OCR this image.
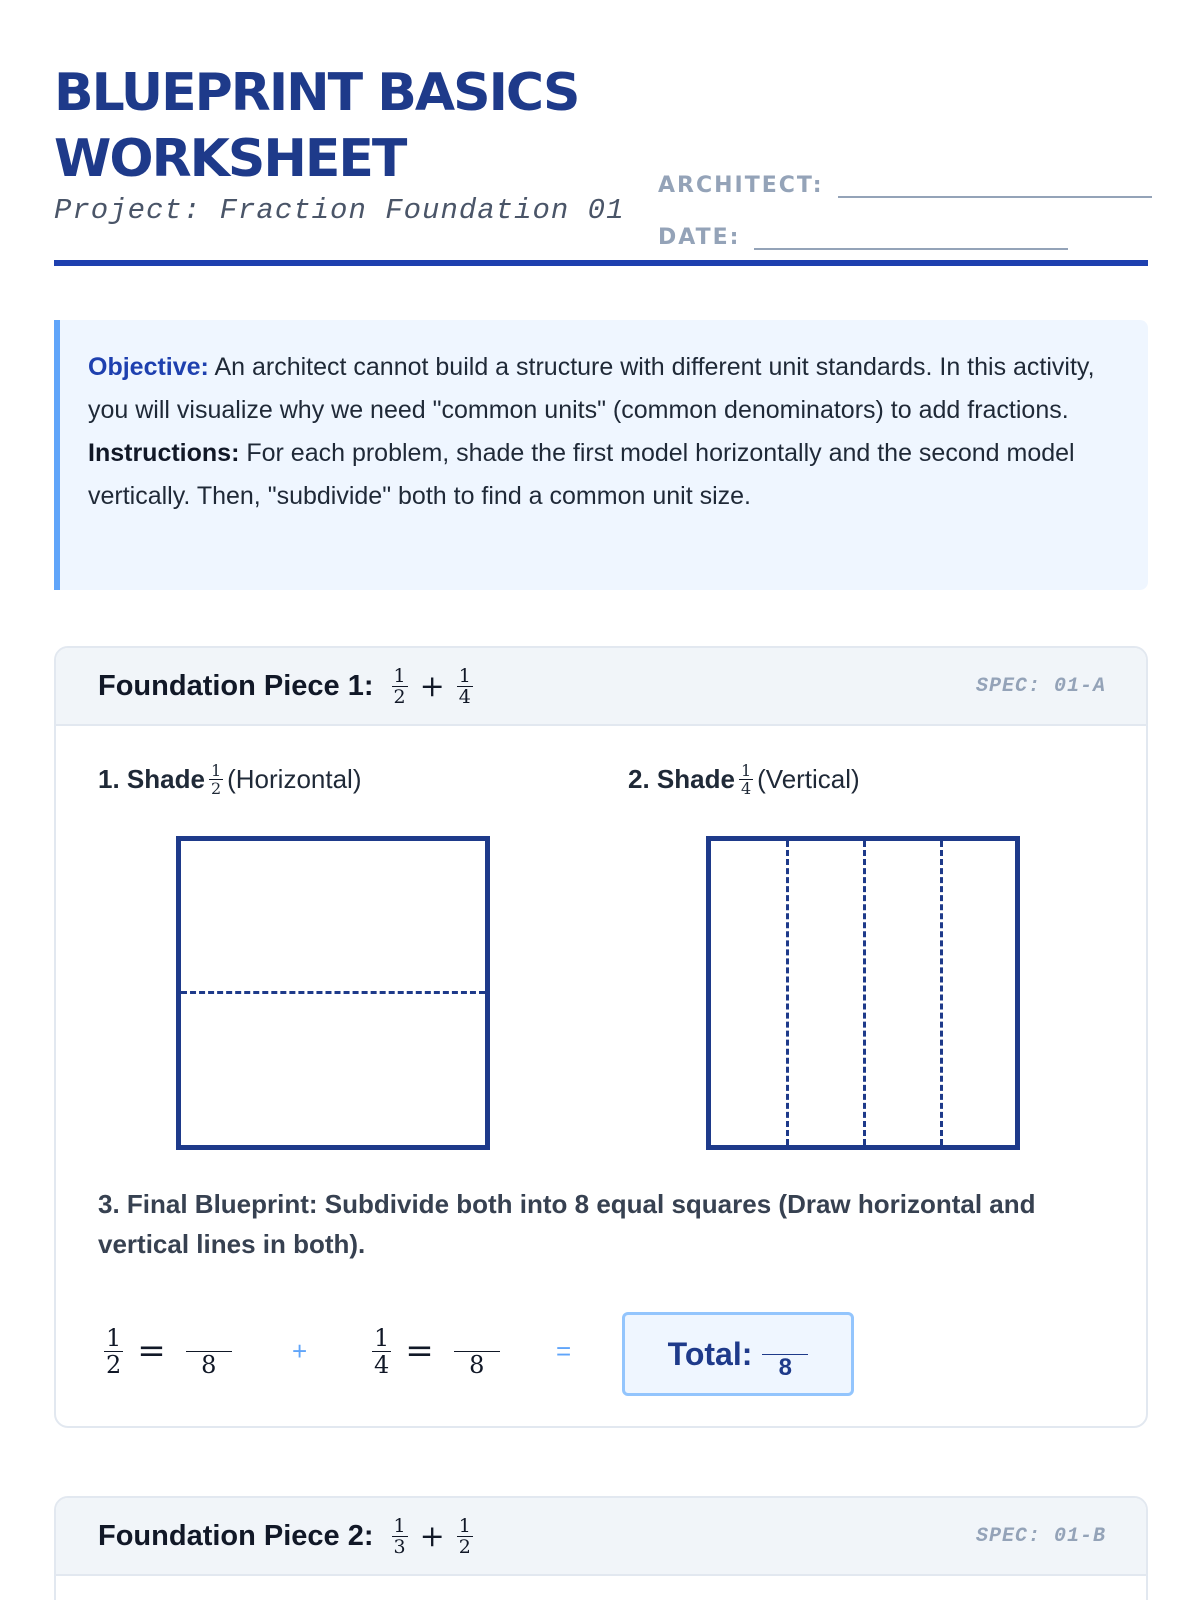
BLUEPRINT BASICS
WORKSHEET
Project: Fraction Foundation 01
ARCHITECT:
DATE:
Objective: An architect cannot build a structure with different unit standards. In this activity, you will visualize why we need "common units" (common denominators) to add fractions.
Instructions: For each problem, shade the first model horizontally and the second model vertically. Then, "subdivide" both to find a common unit size.
Foundation Piece 1: $\frac{1}{2} + \frac{1}{4}$	SPEC: 01-A
1. Shade $\frac{1}{2}$ (Horizontal)	2. Shade $\frac{1}{4}$ (Vertical)
3. Final Blueprint: Subdivide both into 8 equal squares (Draw horizontal and vertical lines in both).
$\frac{1}{2}$ =	8	+	$\frac{1}{4}$ =	8	=	Total:	8
Foundation Piece 2: $\frac{1}{3} + \frac{1}{2}$	SPEC: 01-B
